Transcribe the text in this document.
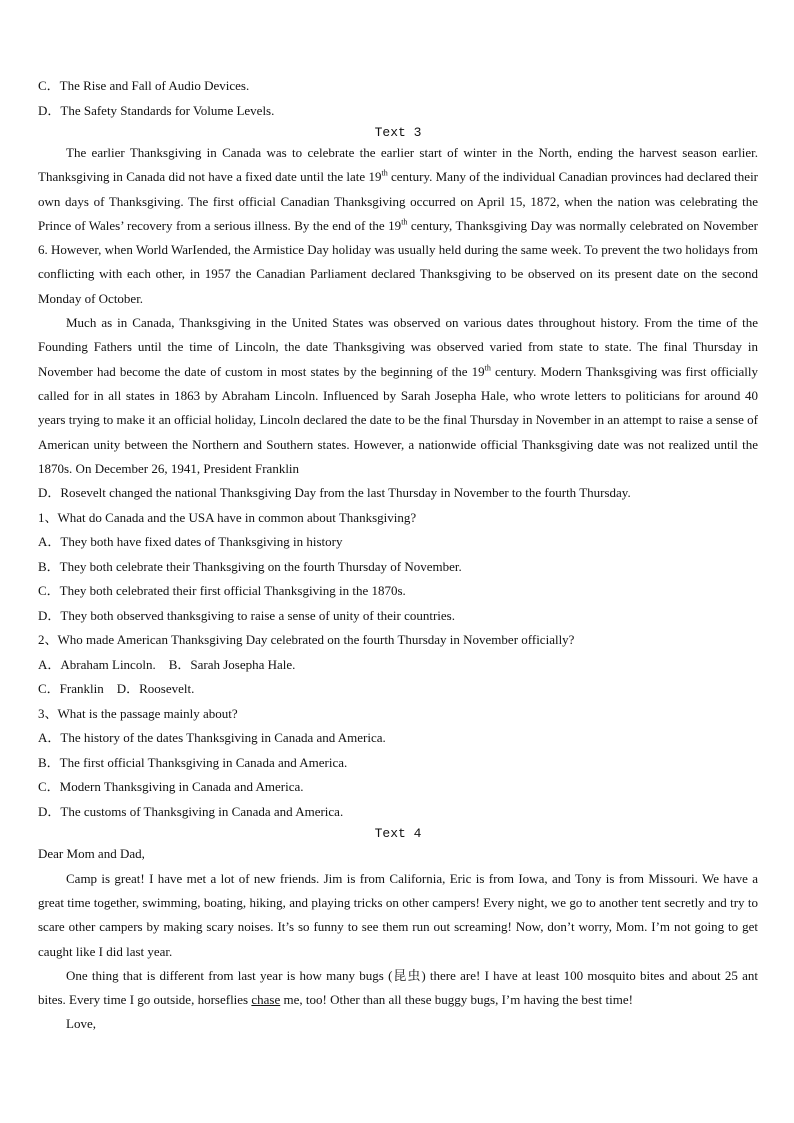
C．The Rise and Fall of Audio Devices.
D．The Safety Standards for Volume Levels.
Text 3

The earlier Thanksgiving in Canada was to celebrate the earlier start of winter in the North, ending the harvest season earlier. Thanksgiving in Canada did not have a fixed date until the late 19th century. Many of the individual Canadian provinces had declared their own days of Thanksgiving. The first official Canadian Thanksgiving occurred on April 15, 1872, when the nation was celebrating the Prince of Wales’ recovery from a serious illness. By the end of the 19th century, Thanksgiving Day was normally celebrated on November 6. However, when World WarIended, the Armistice Day holiday was usually held during the same week. To prevent the two holidays from conflicting with each other, in 1957 the Canadian Parliament declared Thanksgiving to be observed on its present date on the second Monday of October.

Much as in Canada, Thanksgiving in the United States was observed on various dates throughout history. From the time of the Founding Fathers until the time of Lincoln, the date Thanksgiving was observed varied from state to state. The final Thursday in November had become the date of custom in most states by the beginning of the 19th century. Modern Thanksgiving was first officially called for in all states in 1863 by Abraham Lincoln. Influenced by Sarah Josepha Hale, who wrote letters to politicians for around 40 years trying to make it an official holiday, Lincoln declared the date to be the final Thursday in November in an attempt to raise a sense of American unity between the Northern and Southern states. However, a nationwide official Thanksgiving date was not realized until the 1870s. On December 26, 1941, President Franklin

D．Rosevelt changed the national Thanksgiving Day from the last Thursday in November to the fourth Thursday.
1、What do Canada and the USA have in common about Thanksgiving?
A．They both have fixed dates of Thanksgiving in history
B．They both celebrate their Thanksgiving on the fourth Thursday of November.
C．They both celebrated their first official Thanksgiving in the 1870s.
D．They both observed thanksgiving to raise a sense of unity of their countries.
2、Who made American Thanksgiving Day celebrated on the fourth Thursday in November officially?
A．Abraham Lincoln.    B．Sarah Josepha Hale.
C．Franklin    D．Roosevelt.
3、What is the passage mainly about?
A．The history of the dates Thanksgiving in Canada and America.
B．The first official Thanksgiving in Canada and America.
C．Modern Thanksgiving in Canada and America.
D．The customs of Thanksgiving in Canada and America.
Text 4
Dear Mom and Dad,

Camp is great! I have met a lot of new friends. Jim is from California, Eric is from Iowa, and Tony is from Missouri. We have a great time together, swimming, boating, hiking, and playing tricks on other campers! Every night, we go to another tent secretly and try to scare other campers by making scary noises. It’s so funny to see them run out screaming! Now, don’t worry, Mom. I’m not going to get caught like I did last year.

One thing that is different from last year is how many bugs (昆虫) there are! I have at least 100 mosquito bites and about 25 ant bites. Every time I go outside, horseflies chase me, too! Other than all these buggy bugs, I’m having the best time!

Love,
